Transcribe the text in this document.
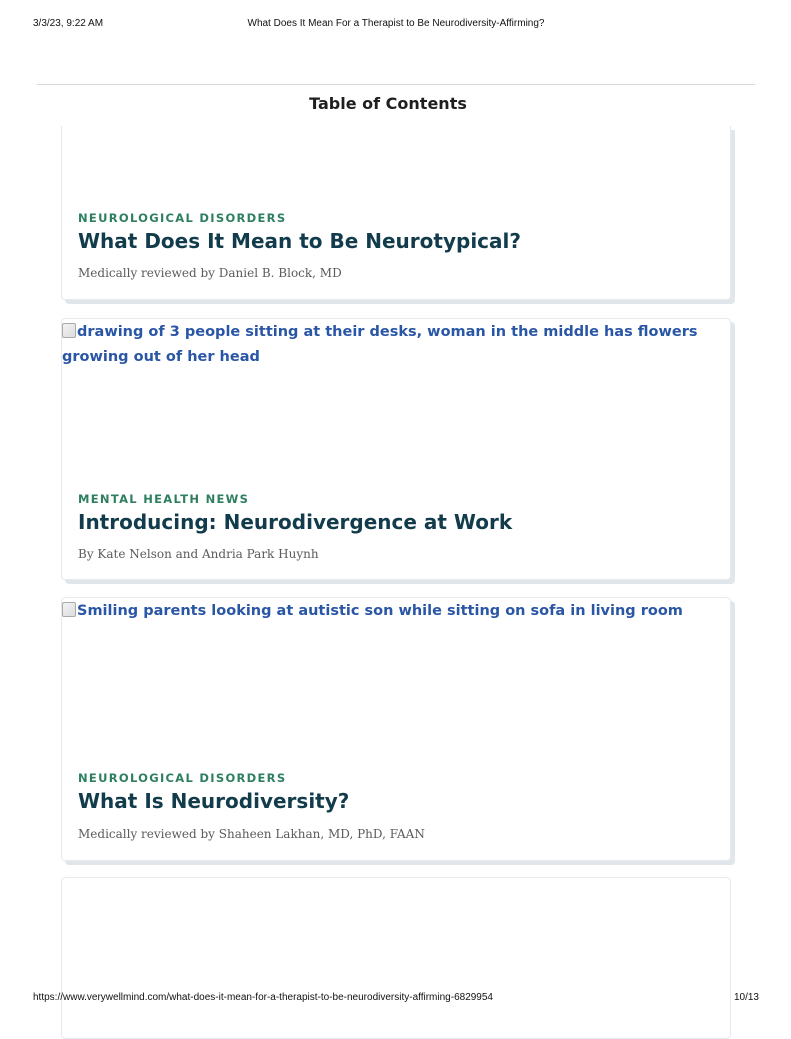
3/3/23, 9:22 AM	What Does It Mean For a Therapist to Be Neurodiversity-Affirming?
Table of Contents
NEUROLOGICAL DISORDERS
What Does It Mean to Be Neurotypical?
Medically reviewed by Daniel B. Block, MD
drawing of 3 people sitting at their desks, woman in the middle has flowers growing out of her head
MENTAL HEALTH NEWS
Introducing: Neurodivergence at Work
By Kate Nelson and Andria Park Huynh
Smiling parents looking at autistic son while sitting on sofa in living room
NEUROLOGICAL DISORDERS
What Is Neurodiversity?
Medically reviewed by Shaheen Lakhan, MD, PhD, FAAN
https://www.verywellmind.com/what-does-it-mean-for-a-therapist-to-be-neurodiversity-affirming-6829954	10/13
